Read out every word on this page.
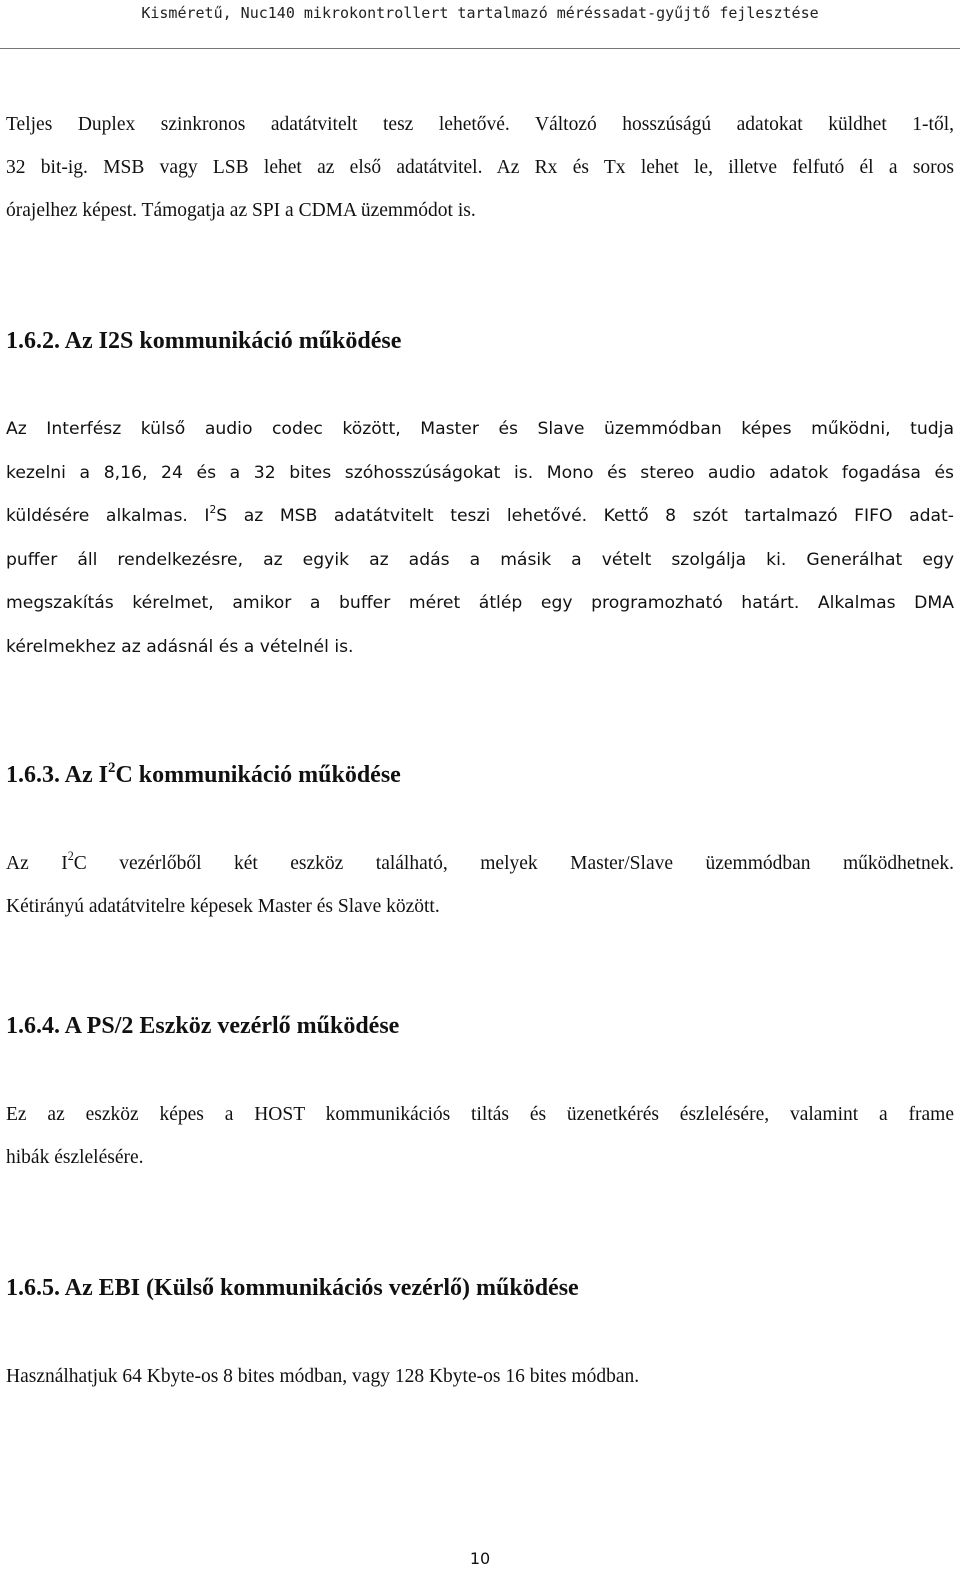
Kisméretű, Nuc140 mikrokontrollert tartalmazó méréssadat-gyűjtő fejlesztése
Teljes Duplex szinkronos adatátvitelt tesz lehetővé. Változó hosszúságú adatokat küldhet 1-től,
32 bit-ig. MSB vagy LSB lehet az első adatátvitel. Az Rx és Tx lehet le, illetve felfutó él a soros
órajelhez képest. Támogatja az SPI a CDMA üzemmódot is.
1.6.2. Az I2S kommunikáció működése
Az Interfész külső audio codec között, Master és Slave üzemmódban képes működni, tudja
kezelni a 8,16, 24 és a 32 bites szóhosszúságokat is. Mono és stereo audio adatok fogadása és
küldésére alkalmas. $I^2S$ az MSB adatátvitelt teszi lehetővé. Kettő 8 szót tartalmazó FIFO adat-
puffer áll rendelkezésre, az egyik az adás a másik a vételt szolgálja ki. Generálhat egy
megszakítás kérelmet, amikor a buffer méret átlép egy programozható határt. Alkalmas DMA
kérelmekhez az adásnál és a vételnél is.
1.6.3. Az $I^2C$ kommunikáció működése
Az $I^2C$ vezérlőből két eszköz található, melyek Master/Slave üzemmódban működhetnek.
Kétirányú adatátvitelre képesek Master és Slave között.
1.6.4. A PS/2 Eszköz vezérlő működése
Ez az eszköz képes a HOST kommunikációs tiltás és üzenetkérés észlelésére, valamint a frame
hibák észlelésére.
1.6.5. Az EBI (Külső kommunikációs vezérlő) működése
Használhatjuk 64 Kbyte-os 8 bites módban, vagy 128 Kbyte-os 16 bites módban.
10
